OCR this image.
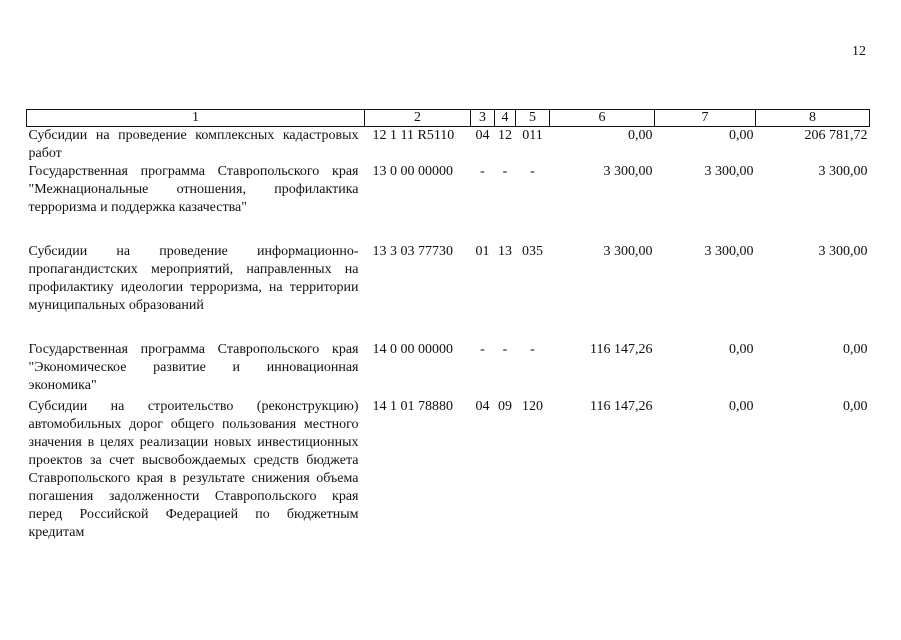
12
1	2	3	4	5	6	7	8
Субсидии на проведение комплексных кадастровых работ	12 1 11 R5110	04	12	011	0,00	0,00	206 781,72
Государственная программа Ставропольского края "Межнациональные отношения, профилактика терроризма и поддержка казачества"	13 0 00 00000	-	-	-	3 300,00	3 300,00	3 300,00
Субсидии на проведение информационно-пропагандистских мероприятий, направленных на профилактику идеологии терроризма, на территории муниципальных образований	13 3 03 77730	01	13	035	3 300,00	3 300,00	3 300,00
Государственная программа Ставропольского края "Экономическое развитие и инновационная экономика"	14 0 00 00000	-	-	-	116 147,26	0,00	0,00
Субсидии на строительство (реконструкцию) автомобильных дорог общего пользования местного значения в целях реализации новых инвестиционных проектов за счет высвобождаемых средств бюджета Ставропольского края в результате снижения объема погашения задолженности Ставропольского края перед Российской Федерацией по бюджетным кредитам	14 1 01 78880	04	09	120	116 147,26	0,00	0,00
